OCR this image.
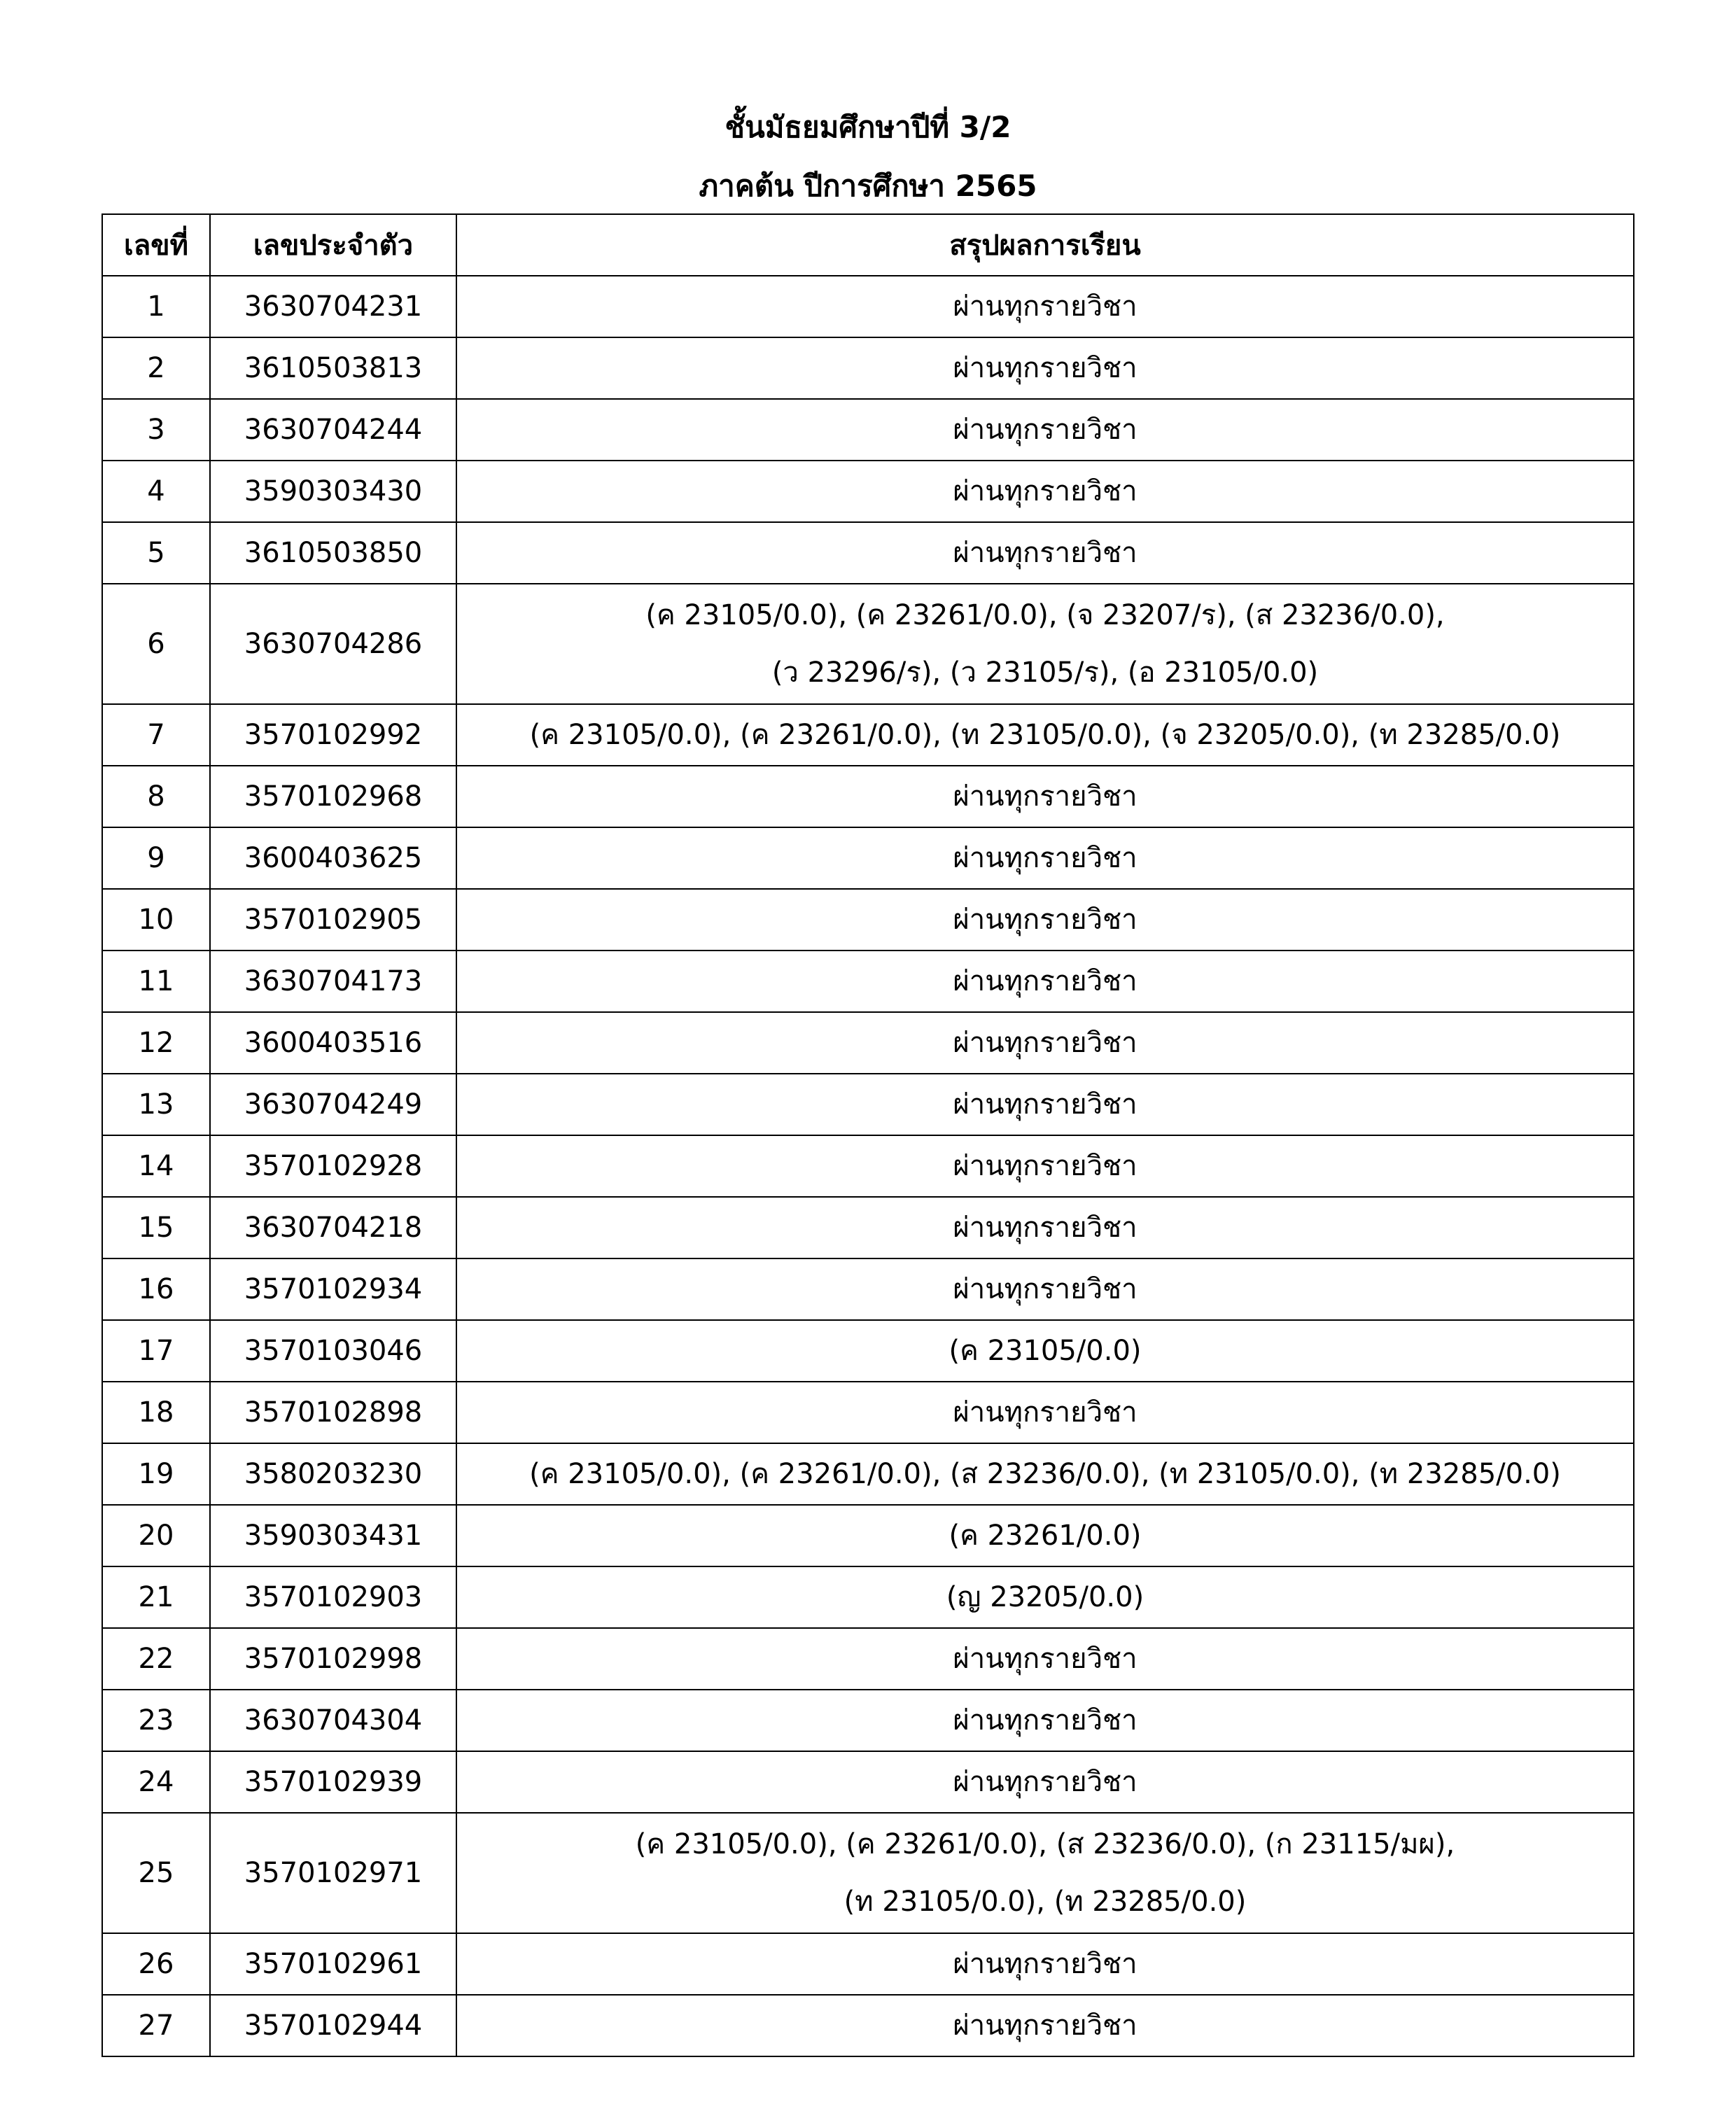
ชั้นมัธยมศึกษาปีที่ 3/2
ภาคต้น ปีการศึกษา 2565
เลขที่	เลขประจำตัว	สรุปผลการเรียน
1	3630704231	ผ่านทุกรายวิชา

2	3610503813	ผ่านทุกรายวิชา

3	3630704244	ผ่านทุกรายวิชา

4	3590303430	ผ่านทุกรายวิชา

5	3610503850	ผ่านทุกรายวิชา

6	3630704286	(ค 23105/0.0), (ค 23261/0.0), (จ 23207/ร), (ส 23236/0.0),
(ว 23296/ร), (ว 23105/ร), (อ 23105/0.0)

7	3570102992	(ค 23105/0.0), (ค 23261/0.0), (ท 23105/0.0), (จ 23205/0.0), (ท 23285/0.0)

8	3570102968	ผ่านทุกรายวิชา

9	3600403625	ผ่านทุกรายวิชา

10	3570102905	ผ่านทุกรายวิชา

11	3630704173	ผ่านทุกรายวิชา

12	3600403516	ผ่านทุกรายวิชา

13	3630704249	ผ่านทุกรายวิชา

14	3570102928	ผ่านทุกรายวิชา

15	3630704218	ผ่านทุกรายวิชา

16	3570102934	ผ่านทุกรายวิชา

17	3570103046	(ค 23105/0.0)

18	3570102898	ผ่านทุกรายวิชา

19	3580203230	(ค 23105/0.0), (ค 23261/0.0), (ส 23236/0.0), (ท 23105/0.0), (ท 23285/0.0)

20	3590303431	(ค 23261/0.0)

21	3570102903	(ญ 23205/0.0)

22	3570102998	ผ่านทุกรายวิชา

23	3630704304	ผ่านทุกรายวิชา

24	3570102939	ผ่านทุกรายวิชา

25	3570102971	(ค 23105/0.0), (ค 23261/0.0), (ส 23236/0.0), (ก 23115/มผ),
(ท 23105/0.0), (ท 23285/0.0)

26	3570102961	ผ่านทุกรายวิชา

27	3570102944	ผ่านทุกรายวิชา
